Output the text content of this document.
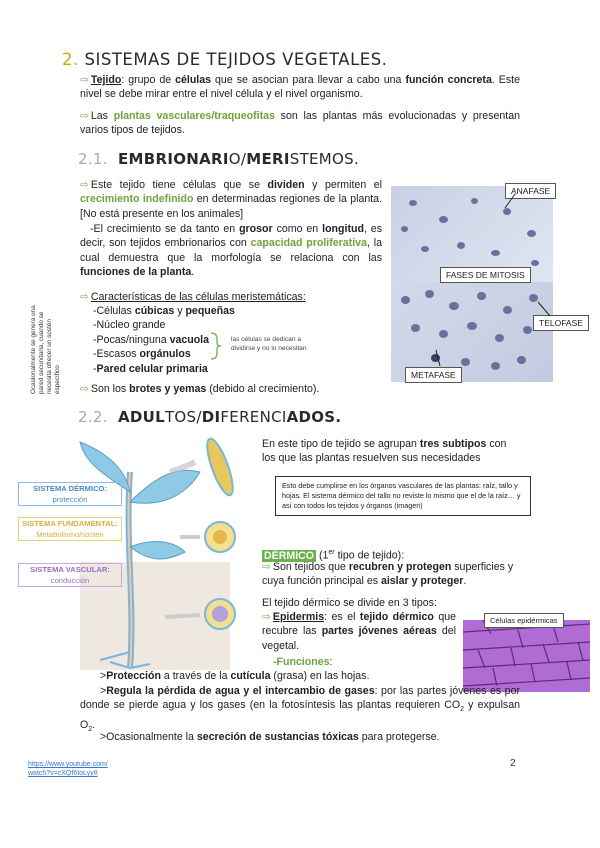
2. SISTEMAS DE TEJIDOS VEGETALES.
⇨ Tejido: grupo de células que se asocian para llevar a cabo una función concreta. Este nivel se debe mirar entre el nivel célula y el nivel organismo.
⇨ Las plantas vasculares/traqueofitas son las plantas más evolucionadas y presentan varios tipos de tejidos.
2.1. EMBRIONARIO/MERISTEMOS.
⇨ Este tejido tiene células que se dividen y permiten el crecimiento indefinido en determinadas regiones de la planta. [No está presente en los animales]
-El crecimiento se da tanto en grosor como en longitud, es decir, son tejidos embrionarios con capacidad proliferativa, la cual demuestra que la morfología se relaciona con las funciones de la planta.
Ocasionalmente se genera una pared secundaria, cuando se necesita ofrecer un sostén específico
⇨ Características de las células meristemáticas:
-Células cúbicas y pequeñas
-Núcleo grande
-Pocas/ninguna vacuola
-Escasos orgánulos
-Pared celular primaria
las células se dedican a dividirse y no lo necesitan
⇨ Son los brotes y yemas (debido al crecimiento).
ANAFASE
FASES DE MITOSIS
TELOFASE
METAFASE
2.2. ADULTOS/DIFERENCIADOS.
SISTEMA DÉRMICO:
protección
SISTEMA FUNDAMENTAL:
Metabolismo/sostén
SISTEMA VASCULAR:
conducción
En este tipo de tejido se agrupan tres subtipos con los que las plantas resuelven sus necesidades
Esto debe cumplirse en los órganos vasculares de las plantas: raíz, tallo y hojas. El sistema dérmico del tallo no reviste lo mismo que el de la raíz… y así con todos los tejidos y órganos (imagen)
DÉRMICO (1er tipo de tejido):
⇨ Son tejidos que recubren y protegen superficies y cuya función principal es aislar y proteger.
El tejido dérmico se divide en 3 tipos:
⇨ Epidermis: es el tejido dérmico que recubre las partes jóvenes aéreas del vegetal.
-Funciones:
Células epidérmicas
>Protección a través de la cutícula (grasa) en las hojas.
>Regula la pérdida de agua y el intercambio de gases: por las partes jóvenes es por donde se pierde agua y los gases (en la fotosíntesis las plantas requieren $CO_2$ y expulsan $O_2$.
>Ocasionalmente la secreción de sustancias tóxicas para protegerse.
https://www.youtube.com/watch?v=cXQf6IoLyy8
2
